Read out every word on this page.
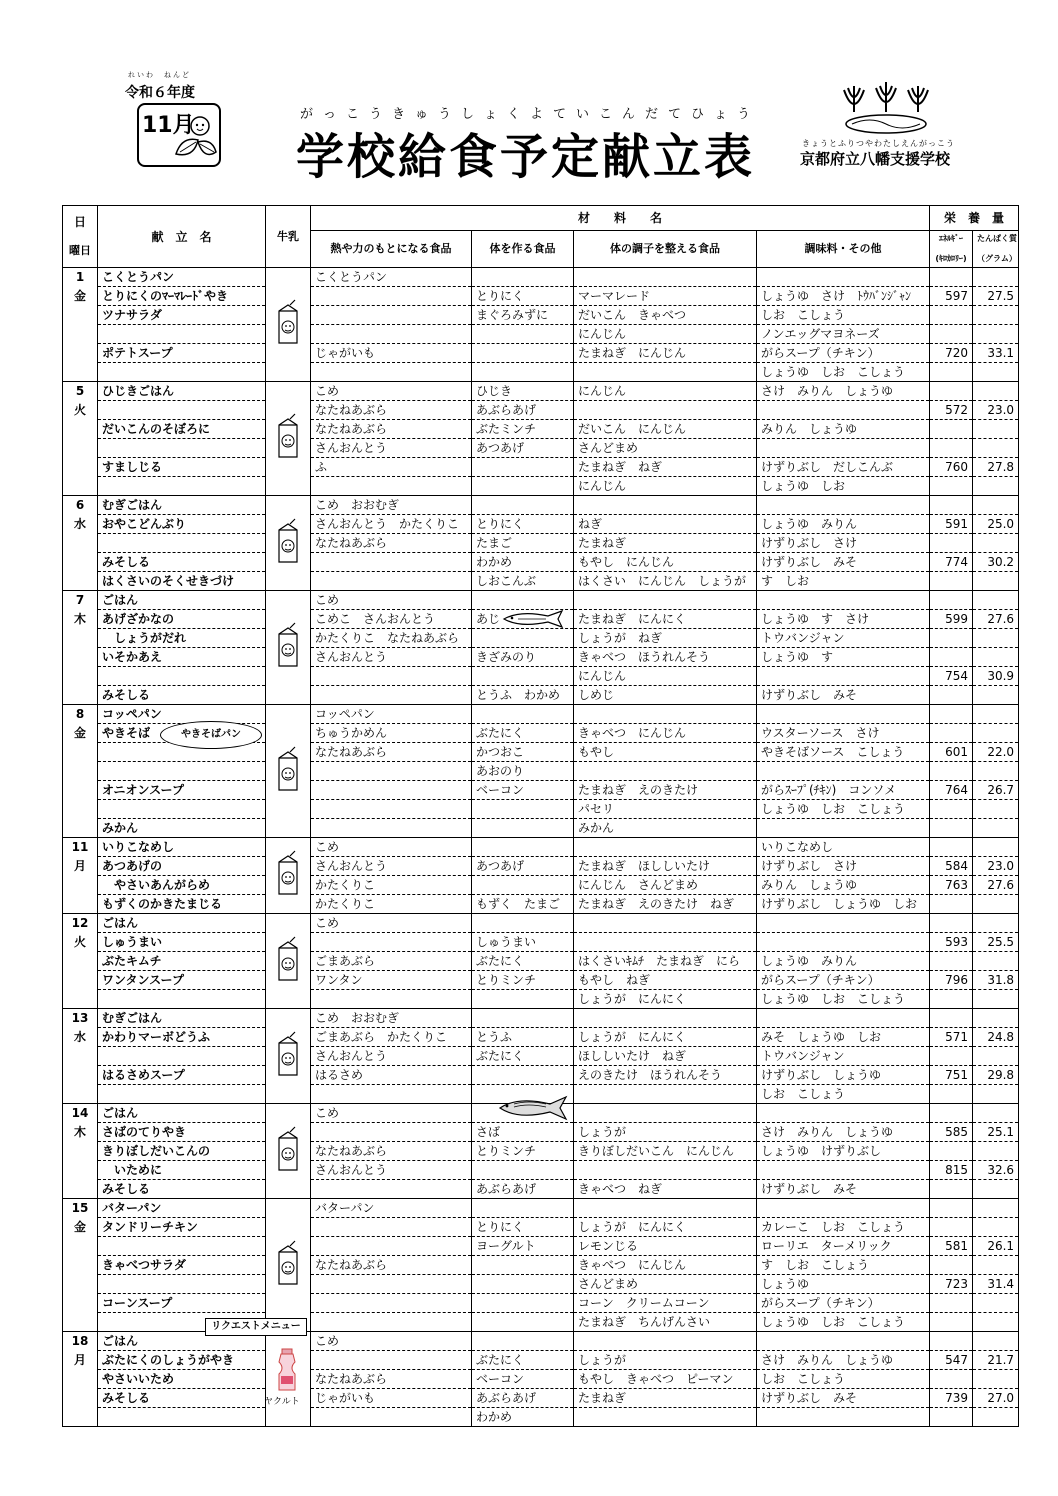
れいわ　ねんど
令和６年度
11月	がっこうきゅうしょくよていこんだてひょう
学校給食予定献立表	きょうとふりつやわたしえんがっこう
京都府立八幡支援学校
日

曜日	献　立　名	牛乳	材　　料　　名				栄　養　量	
			熱や力のもとになる食品	体を作る食品	体の調子を整える食品	調味料・その他	ｴﾈﾙｷﾞｰ

(ｷﾛｶﾛﾘｰ)	たんぱく質

（グラム）
1	こくとうパン		こくとうパン					
金	とりにくのﾏｰﾏﾚｰﾄﾞやき			とりにく	マーマレード	しょうゆ　さけ　ﾄｳﾊﾞﾝｼﾞｬﾝ	597	27.5
	ツナサラダ			まぐろみずに	だいこん　きゃべつ	しお　こしょう		
					にんじん	ノンエッグマヨネーズ		
	ポテトスープ		じゃがいも		たまねぎ　にんじん	がらスープ（チキン）	720	33.1
						しょうゆ　しお　こしょう		
5	ひじきごはん		こめ	ひじき	にんじん	さけ　みりん　しょうゆ		
火			なたねあぶら	あぶらあげ			572	23.0
	だいこんのそぼろに		なたねあぶら	ぶたミンチ	だいこん　にんじん	みりん　しょうゆ		
			さんおんとう	あつあげ	さんどまめ			
	すましじる		ふ		たまねぎ　ねぎ	けずりぶし　だしこんぶ	760	27.8
					にんじん	しょうゆ　しお		
6	むぎごはん		こめ　おおむぎ					
水	おやこどんぶり		さんおんとう　かたくりこ	とりにく	ねぎ	しょうゆ　みりん	591	25.0
			なたねあぶら	たまご	たまねぎ	けずりぶし　さけ		
	みそしる			わかめ	もやし　にんじん	けずりぶし　みそ	774	30.2
	はくさいのそくせきづけ			しおこんぶ	はくさい　にんじん　しょうが	す　しお		
7	ごはん		こめ					
木	あげざかなの		こめこ　さんおんとう	あじ	たまねぎ　にんにく	しょうゆ　す　さけ	599	27.6
	　しょうがだれ		かたくりこ　なたねあぶら		しょうが　ねぎ	トウバンジャン		
	いそかあえ		さんおんとう	きざみのり	きゃべつ　ほうれんそう	しょうゆ　す		
					にんじん		754	30.9
	みそしる			とうふ　わかめ	しめじ	けずりぶし　みそ		
8	コッペパン		コッペパン					
金	やきそば		ちゅうかめん	ぶたにく	きゃべつ　にんじん	ウスターソース　さけ		
			なたねあぶら	かつおこ	もやし	やきそばソース　こしょう	601	22.0
				あおのり				
	オニオンスープ			ベーコン	たまねぎ　えのきたけ	がらｽｰﾌﾟ(ﾁｷﾝ)　コンソメ	764	26.7
					パセリ	しょうゆ　しお　こしょう		
	みかん				みかん			
11	いりこなめし		こめ			いりこなめし		
月	あつあげの		さんおんとう	あつあげ	たまねぎ　ほししいたけ	けずりぶし　さけ	584	23.0
	　やさいあんがらめ		かたくりこ		にんじん　さんどまめ	みりん　しょうゆ	763	27.6
	もずくのかきたまじる		かたくりこ	もずく　たまご	たまねぎ　えのきたけ　ねぎ	けずりぶし　しょうゆ　しお		
12	ごはん		こめ					
火	しゅうまい			しゅうまい			593	25.5
	ぶたキムチ		ごまあぶら	ぶたにく	はくさいｷﾑﾁ　たまねぎ　にら	しょうゆ　みりん		
	ワンタンスープ		ワンタン	とりミンチ	もやし　ねぎ	がらスープ（チキン）	796	31.8
					しょうが　にんにく	しょうゆ　しお　こしょう		
13	むぎごはん		こめ　おおむぎ					
水	かわりマーボどうふ		ごまあぶら　かたくりこ	とうふ	しょうが　にんにく	みそ　しょうゆ　しお	571	24.8
			さんおんとう	ぶたにく	ほししいたけ　ねぎ	トウバンジャン		
	はるさめスープ		はるさめ		えのきたけ　ほうれんそう	けずりぶし　しょうゆ	751	29.8
						しお　こしょう		
14	ごはん		こめ					
木	さばのてりやき			さば	しょうが	さけ　みりん　しょうゆ	585	25.1
	きりぼしだいこんの		なたねあぶら	とりミンチ	きりぼしだいこん　にんじん	しょうゆ　けずりぶし		
	　いために		さんおんとう				815	32.6
	みそしる			あぶらあげ	きゃべつ　ねぎ	けずりぶし　みそ		
15	バターパン		バターパン					
金	タンドリーチキン			とりにく	しょうが　にんにく	カレーこ　しお　こしょう		
				ヨーグルト	レモンじる	ローリエ　ターメリック	581	26.1
	きゃべつサラダ		なたねあぶら		きゃべつ　にんじん	す　しお　こしょう		
					さんどまめ	しょうゆ	723	31.4
	コーンスープ				コーン　クリームコーン	がらスープ（チキン）		
					たまねぎ　ちんげんさい	しょうゆ　しお　こしょう		
18	ごはん		こめ					
月	ぶたにくのしょうがやき			ぶたにく	しょうが	さけ　みりん　しょうゆ	547	21.7
	やさいいため		なたねあぶら	ベーコン	もやし　きゃべつ　ピーマン	しお　こしょう		
	みそしる		じゃがいも	あぶらあげ	たまねぎ	けずりぶし　みそ	739	27.0
				わかめ				
やきそばパン
リクエストメニュー
ヤクルト
